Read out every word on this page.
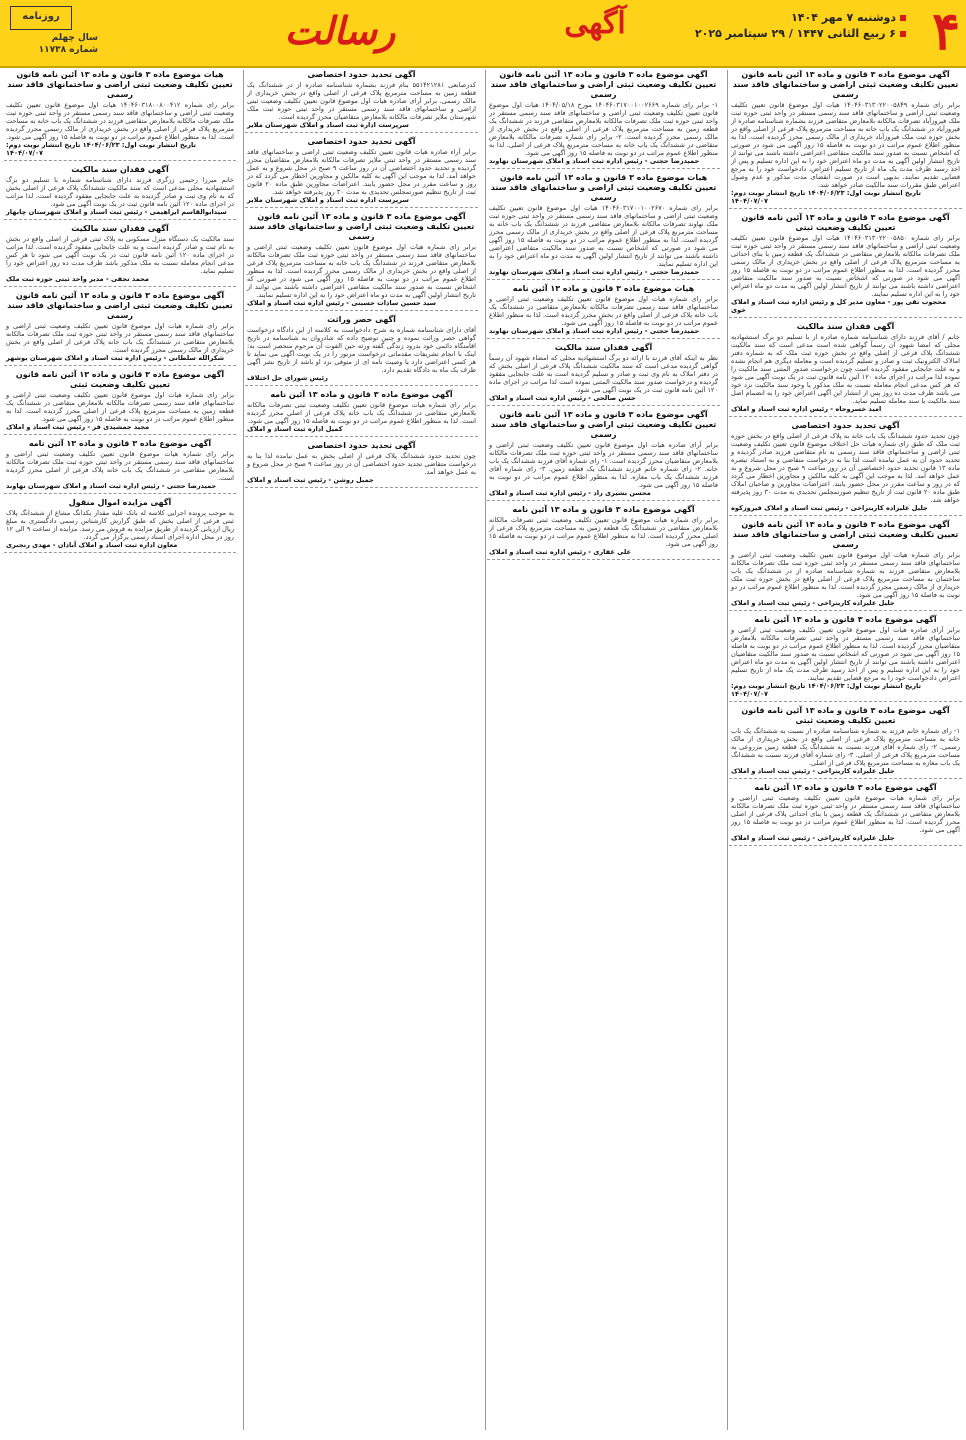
۴
دوشنبه ۷ مهر ۱۴۰۴
۶ ربیع الثانی ۱۴۴۷ / ۲۹ سپتامبر ۲۰۲۵
آگهی
رسالت
روزنامه
سال چهلم
شماره ۱۱۷۳۸
آگهی موضوع ماده ۳ قانون و ماده ۱۳ آئین نامه قانون تعیین تکلیف وضعیت ثبتی اراضی و ساختمانهای فاقد سند رسمی
برابر رای شماره ۱۴۰۴۶۰۳۱۳۰۲۲۰۰۵۸۴۹ هیات اول موضوع قانون تعیین تکلیف وضعیت ثبتی اراضی و ساختمانهای فاقد سند رسمی مستقر در واحد ثبتی حوزه ثبت ملک فیروزآباد تصرفات مالکانه بلامعارض متقاضی فرزند بشماره شناسنامه صادره از فیروزآباد در ششدانگ یک باب خانه به مساحت مترمربع پلاک فرعی از اصلی واقع در بخش حوزه ثبت ملک فیروزآباد خریداری از مالک رسمی محرز گردیده است. لذا به منظور اطلاع عموم مراتب در دو نوبت به فاصله ۱۵ روز آگهی می شود در صورتی که اشخاص نسبت به صدور سند مالکیت متقاضی اعتراضی داشته باشند می توانند از تاریخ انتشار اولین آگهی به مدت دو ماه اعتراض خود را به این اداره تسلیم و پس از اخذ رسید ظرف مدت یک ماه از تاریخ تسلیم اعتراض، دادخواست خود را به مرجع قضایی تقدیم نمایند. بدیهی است در صورت انقضای مدت مذکور و عدم وصول اعتراض طبق مقررات سند مالکیت صادر خواهد شد.
تاریخ انتشار نوبت اول: ۱۴۰۴/۰۶/۲۳ تاریخ انتشار نوبت دوم: ۱۴۰۴/۰۷/۰۷
آگهی موضوع ماده ۳ قانون و ماده ۱۳ آئین نامه قانون تعیین تکلیف وضعیت ثبتی
برابر رای شماره ۱۴۰۴۶۰۳۱۳۰۲۲۰۰۵۸۵۰ هیات اول موضوع قانون تعیین تکلیف وضعیت ثبتی اراضی و ساختمانهای فاقد سند رسمی مستقر در واحد ثبتی حوزه ثبت ملک تصرفات مالکانه بلامعارض متقاضی در ششدانگ یک قطعه زمین با بنای احداثی به مساحت مترمربع پلاک فرعی از اصلی واقع در بخش خریداری از مالک رسمی محرز گردیده است. لذا به منظور اطلاع عموم مراتب در دو نوبت به فاصله ۱۵ روز آگهی می شود در صورتی که اشخاص نسبت به صدور سند مالکیت متقاضی اعتراضی داشته باشند می توانند از تاریخ انتشار اولین آگهی به مدت دو ماه اعتراض خود را به این اداره تسلیم نمایند.
محجوب نقی پور - معاون مدیر کل و رئیس اداره ثبت اسناد و املاک خوی
آگهی فقدان سند مالکیت
خانم / آقای فرزند دارای شناسنامه شماره صادره از با تسلیم دو برگ استشهادیه محلی که امضا شهود آن رسماً گواهی شده است مدعی است که سند مالکیت ششدانگ پلاک فرعی از اصلی واقع در بخش حوزه ثبت ملک که به شماره دفتر امالاک الکترونیک ثبت و صادر و تسلیم گردیده است و معامله دیگری هم انجام نشده و به علت جابجایی مفقود گردیده است چون درخواست صدور المثنی سند مالکیت را نموده لذا مراتب در اجرای ماده ۱۲۰ آئین نامه قانون ثبت در یک نوبت آگهی می شود که هر کس مدعی انجام معامله نسبت به ملک مذکور یا وجود سند مالکیت نزد خود می باشد ظرف مدت ده روز پس از انتشار این آگهی اعتراض خود را به انضمام اصل سند مالکیت یا سند معامله تسلیم نماید.
امید خسروجاه - رئیس اداره ثبت اسناد و املاک
آگهی تحدید حدود اختصاصی
چون تحدید حدود ششدانگ یک باب خانه به پلاک فرعی از اصلی واقع در بخش حوزه ثبت ملک که طبق رای شماره هیات حل اختلاف موضوع قانون تعیین تکلیف وضعیت ثبتی اراضی و ساختمانهای فاقد سند رسمی به نام متقاضی فرزند صادر گردیده و تحدید حدود آن به عمل نیامده است لذا بنا به درخواست متقاضی و به استناد تبصره ماده ۱۳ قانون تحدید حدود اختصاصی آن در روز ساعت ۹ صبح در محل شروع و به عمل خواهد آمد. لذا به موجب این آگهی به کلیه مالکین و مجاورین اخطار می گردد که در روز و ساعت مقرر در محل حضور یابند. اعتراضات مجاورین و صاحبان املاک طبق ماده ۲۰ قانون ثبت از تاریخ تنظیم صورتمجلس تحدیدی به مدت ۳۰ روز پذیرفته خواهد شد.
جلیل علیزاده کاریتراخی - رئیس ثبت اسناد و املاک فیروزکوه
آگهی موضوع ماده ۳ قانون و ماده ۱۳ آئین نامه قانون تعیین تکلیف وضعیت ثبتی اراضی و ساختمانهای فاقد سند رسمی
برابر رای شماره هیات اول موضوع قانون تعیین تکلیف وضعیت ثبتی اراضی و ساختمانهای فاقد سند رسمی مستقر در واحد ثبتی حوزه ثبت ملک تصرفات مالکانه بلامعارض متقاضی فرزند به شماره شناسنامه صادره از در ششدانگ یک باب ساختمان به مساحت مترمربع پلاک فرعی از اصلی واقع در بخش حوزه ثبت ملک خریداری از مالک رسمی محرز گردیده است. لذا به منظور اطلاع عموم مراتب در دو نوبت به فاصله ۱۵ روز آگهی می شود.
جلیل علیزاده کاریتراخی - رئیس ثبت اسناد و املاک
آگهی موضوع ماده ۳ قانون و ماده ۱۳ آئین نامه
برابر آرای صادره هیات اول موضوع قانون تعیین تکلیف وضعیت ثبتی اراضی و ساختمانهای فاقد سند رسمی مستقر در واحد ثبتی تصرفات مالکانه بلامعارض متقاضیان محرز گردیده است. لذا به منظور اطلاع عموم مراتب در دو نوبت به فاصله ۱۵ روز آگهی می شود در صورتی که اشخاص نسبت به صدور سند مالکیت متقاضیان اعتراضی داشته باشند می توانند از تاریخ انتشار اولین آگهی به مدت دو ماه اعتراض خود را به این اداره تسلیم و پس از اخذ رسید ظرف مدت یک ماه از تاریخ تسلیم اعتراض دادخواست خود را به مرجع قضایی تقدیم نمایند.
تاریخ انتشار نوبت اول: ۱۴۰۴/۰۶/۲۳ تاریخ انتشار نوبت دوم: ۱۴۰۴/۰۷/۰۷
آگهی موضوع ماده ۳ قانون و ماده ۱۳ آئین نامه قانون تعیین تکلیف وضعیت ثبتی
۱- رای شماره خانم فرزند به شماره شناسنامه صادره از نسبت به ششدانگ یک باب خانه به مساحت مترمربع پلاک فرعی از اصلی واقع در بخش خریداری از مالک رسمی. ۲- رای شماره آقای فرزند نسبت به ششدانگ یک قطعه زمین مزروعی به مساحت مترمربع پلاک فرعی از اصلی. ۳- رای شماره آقای فرزند نسبت به ششدانگ یک باب مغازه به مساحت مترمربع پلاک فرعی از اصلی.
جلیل علیزاده کاریتراخی - رئیس ثبت اسناد و املاک
آگهی موضوع ماده ۳ قانون و ماده ۱۳ آئین نامه
برابر رای شماره هیات موضوع قانون تعیین تکلیف وضعیت ثبتی اراضی و ساختمانهای فاقد سند رسمی مستقر در واحد ثبتی حوزه ثبت ملک تصرفات مالکانه بلامعارض متقاضی در ششدانگ یک قطعه زمین با بنای احداثی پلاک فرعی از اصلی محرز گردیده است. لذا به منظور اطلاع عموم مراتب در دو نوبت به فاصله ۱۵ روز آگهی می شود.
جلیل علیزاده کاریتراخی - رئیس ثبت اسناد و املاک
آگهی موضوع ماده ۳ قانون و ماده ۱۳ آئین نامه قانون تعیین تکلیف وضعیت ثبتی اراضی و ساختمانهای فاقد سند رسمی
۱- برابر رای شماره ۱۴۰۴۶۰۳۱۷۰۰۱۰۰۲۶۶۹ مورخ ۱۴۰۴/۰۵/۱۸ هیات اول موضوع قانون تعیین تکلیف وضعیت ثبتی اراضی و ساختمانهای فاقد سند رسمی مستقر در واحد ثبتی حوزه ثبت ملک تصرفات مالکانه بلامعارض متقاضی فرزند در ششدانگ یک قطعه زمین به مساحت مترمربع پلاک فرعی از اصلی واقع در بخش خریداری از مالک رسمی محرز گردیده است. ۲- برابر رای شماره تصرفات مالکانه بلامعارض متقاضی در ششدانگ یک باب خانه به مساحت مترمربع پلاک فرعی از اصلی. لذا به منظور اطلاع عموم مراتب در دو نوبت به فاصله ۱۵ روز آگهی می شود.
حمیدرضا حجتی - رئیس اداره ثبت اسناد و املاک شهرستان نهاوند
هیات موضوع ماده ۳ قانون و ماده ۱۳ آئین نامه قانون تعیین تکلیف وضعیت ثبتی اراضی و ساختمانهای فاقد سند رسمی
برابر رای شماره ۱۴۰۴۶۰۳۱۷۰۰۱۰۰۲۶۷۰ هیات اول موضوع قانون تعیین تکلیف وضعیت ثبتی اراضی و ساختمانهای فاقد سند رسمی مستقر در واحد ثبتی حوزه ثبت ملک نهاوند تصرفات مالکانه بلامعارض متقاضی فرزند در ششدانگ یک باب خانه به مساحت مترمربع پلاک فرعی از اصلی واقع در بخش خریداری از مالک رسمی محرز گردیده است. لذا به منظور اطلاع عموم مراتب در دو نوبت به فاصله ۱۵ روز آگهی می شود در صورتی که اشخاص نسبت به صدور سند مالکیت متقاضی اعتراضی داشته باشند می توانند از تاریخ انتشار اولین آگهی به مدت دو ماه اعتراض خود را به این اداره تسلیم نمایند.
حمیدرضا حجتی - رئیس اداره ثبت اسناد و املاک شهرستان نهاوند
هیات موضوع ماده ۳ قانون و ماده ۱۳ آئین نامه
برابر رای شماره هیات اول موضوع قانون تعیین تکلیف وضعیت ثبتی اراضی و ساختمانهای فاقد سند رسمی تصرفات مالکانه بلامعارض متقاضی در ششدانگ یک باب خانه پلاک فرعی از اصلی واقع در بخش محرز گردیده است. لذا به منظور اطلاع عموم مراتب در دو نوبت به فاصله ۱۵ روز آگهی می شود.
حمیدرضا حجتی - رئیس اداره ثبت اسناد و املاک شهرستان نهاوند
آگهی فقدان سند مالکیت
نظر به اینکه آقای فرزند با ارائه دو برگ استشهادیه محلی که امضاء شهود آن رسماً گواهی گردیده مدعی است که سند مالکیت ششدانگ پلاک فرعی از اصلی بخش که در دفتر املاک به نام وی ثبت و صادر و تسلیم گردیده است به علت جابجایی مفقود گردیده و درخواست صدور سند مالکیت المثنی نموده است لذا مراتب در اجرای ماده ۱۲۰ آئین نامه قانون ثبت در یک نوبت آگهی می شود.
حسن صالحی - رئیس اداره ثبت اسناد و املاک
آگهی موضوع ماده ۳ قانون و ماده ۱۳ آئین نامه قانون تعیین تکلیف وضعیت ثبتی اراضی و ساختمانهای فاقد سند رسمی
برابر آرای صادره هیات اول موضوع قانون تعیین تکلیف وضعیت ثبتی اراضی و ساختمانهای فاقد سند رسمی مستقر در واحد ثبتی حوزه ثبت ملک تصرفات مالکانه بلامعارض متقاضیان محرز گردیده است. ۱- رای شماره آقای فرزند ششدانگ یک باب خانه. ۲- رای شماره خانم فرزند ششدانگ یک قطعه زمین. ۳- رای شماره آقای فرزند ششدانگ یک باب مغازه. لذا به منظور اطلاع عموم مراتب در دو نوبت به فاصله ۱۵ روز آگهی می شود.
محسن بشیری راد - رئیس اداره ثبت اسناد و املاک
آگهی موضوع ماده ۳ قانون و ماده ۱۳ آئین نامه
برابر رای شماره هیات موضوع قانون تعیین تکلیف وضعیت ثبتی تصرفات مالکانه بلامعارض متقاضی در ششدانگ یک قطعه زمین به مساحت مترمربع پلاک فرعی از اصلی محرز گردیده است. لذا به منظور اطلاع عموم مراتب در دو نوبت به فاصله ۱۵ روز آگهی می شود.
علی غفاری - رئیس اداره ثبت اسناد و املاک
آگهی تحدید حدود اختصاصی
کدرصانعی ۵۵۱۴۲۱۲۸۱ بنام فرزند بشماره شناسنامه صادره از در ششدانگ یک قطعه زمین به مساحت مترمربع پلاک فرعی از اصلی واقع در بخش خریداری از مالک رسمی. برابر آرای صادره هیات اول موضوع قانون تعیین تکلیف وضعیت ثبتی اراضی و ساختمانهای فاقد سند رسمی مستقر در واحد ثبتی حوزه ثبت ملک شهرستان ملایر تصرفات مالکانه بلامعارض متقاضیان محرز گردیده است.
سرپرست اداره ثبت اسناد و املاک شهرستان ملایر
آگهی تحدید حدود اختصاصی
برابر آراء صادره هیات قانون تعیین تکلیف وضعیت ثبتی اراضی و ساختمانهای فاقد سند رسمی مستقر در واحد ثبتی ملایر تصرفات مالکانه بلامعارض متقاضیان محرز گردیده و تحدید حدود اختصاصی آن در روز ساعت ۹ صبح در محل شروع و به عمل خواهد آمد. لذا به موجب این آگهی به کلیه مالکین و مجاورین اخطار می گردد که در روز و ساعت مقرر در محل حضور یابند. اعتراضات مجاورین طبق ماده ۲۰ قانون ثبت از تاریخ تنظیم صورتمجلس تحدیدی به مدت ۳۰ روز پذیرفته خواهد شد.
سرپرست اداره ثبت اسناد و املاک شهرستان ملایر
آگهی موضوع ماده ۳ قانون و ماده ۱۳ آئین نامه قانون تعیین تکلیف وضعیت ثبتی اراضی و ساختمانهای فاقد سند رسمی
برابر رای شماره هیات اول موضوع قانون تعیین تکلیف وضعیت ثبتی اراضی و ساختمانهای فاقد سند رسمی مستقر در واحد ثبتی حوزه ثبت ملک تصرفات مالکانه بلامعارض متقاضی فرزند در ششدانگ یک باب خانه به مساحت مترمربع پلاک فرعی از اصلی واقع در بخش خریداری از مالک رسمی محرز گردیده است. لذا به منظور اطلاع عموم مراتب در دو نوبت به فاصله ۱۵ روز آگهی می شود در صورتی که اشخاص نسبت به صدور سند مالکیت متقاضی اعتراضی داشته باشند می توانند از تاریخ انتشار اولین آگهی به مدت دو ماه اعتراض خود را به این اداره تسلیم نمایند.
سید حسین سادات حسینی - رئیس اداره ثبت اسناد و املاک
آگهی حصر وراثت
آقای دارای شناسنامه شماره به شرح دادخواست به کلاسه از این دادگاه درخواست گواهی حصر وراثت نموده و چنین توضیح داده که شادروان به شناسنامه در تاریخ اقامتگاه دائمی خود بدرود زندگی گفته ورثه حین الفوت آن مرحوم منحصر است به: اینک با انجام تشریفات مقدماتی درخواست مزبور را در یک نوبت آگهی می نماید تا هر کسی اعتراضی دارد یا وصیت نامه ای از متوفی نزد او باشد از تاریخ نشر آگهی ظرف یک ماه به دادگاه تقدیم دارد.
رئیس شورای حل اختلاف
آگهی موضوع ماده ۳ قانون و ماده ۱۳ آئین نامه
برابر رای شماره هیات موضوع قانون تعیین تکلیف وضعیت ثبتی تصرفات مالکانه بلامعارض متقاضی در ششدانگ یک باب خانه پلاک فرعی از اصلی محرز گردیده است. لذا به منظور اطلاع عموم مراتب در دو نوبت به فاصله ۱۵ روز آگهی می شود.
کمیل اداره ثبت اسناد و املاک
آگهی تحدید حدود اختصاصی
چون تحدید حدود ششدانگ پلاک فرعی از اصلی بخش به عمل نیامده لذا بنا به درخواست متقاضی تحدید حدود اختصاصی آن در روز ساعت ۹ صبح در محل شروع و به عمل خواهد آمد.
جمیل روشن - رئیس ثبت اسناد و املاک
هیات موضوع ماده ۳ قانون و ماده ۱۳ آئین نامه قانون تعیین تکلیف وضعیت ثبتی اراضی و ساختمانهای فاقد سند رسمی
برابر رای شماره ۱۴۰۴۶۰۳۱۸۰۰۸۰۰۴۱۲ هیات اول موضوع قانون تعیین تکلیف وضعیت ثبتی اراضی و ساختمانهای فاقد سند رسمی مستقر در واحد ثبتی حوزه ثبت ملک تصرفات مالکانه بلامعارض متقاضی فرزند در ششدانگ یک باب خانه به مساحت مترمربع پلاک فرعی از اصلی واقع در بخش خریداری از مالک رسمی محرز گردیده است. لذا به منظور اطلاع عموم مراتب در دو نوبت به فاصله ۱۵ روز آگهی می شود.
تاریخ انتشار نوبت اول: ۱۴۰۴/۰۶/۲۳ تاریخ انتشار نوبت دوم: ۱۴۰۴/۰۷/۰۷
آگهی فقدان سند مالکیت
خانم میرزا رحیمی زرگری فرزند دارای شناسنامه شماره با تسلیم دو برگ استشهادیه محلی مدعی است که سند مالکیت ششدانگ پلاک فرعی از اصلی بخش که به نام وی ثبت و صادر گردیده به علت جابجایی مفقود گردیده است. لذا مراتب در اجرای ماده ۱۲۰ آئین نامه قانون ثبت در یک نوبت آگهی می شود.
سیدابوالقاسم ابراهیمی - رئیس ثبت اسناد و املاک شهرستان چابهار
آگهی فقدان سند مالکیت
سند مالکیت یک دستگاه منزل مسکونی به پلاک ثبتی فرعی از اصلی واقع در بخش به نام ثبت و صادر گردیده است و به علت جابجایی مفقود گردیده است. لذا مراتب در اجرای ماده ۱۲۰ آئین نامه قانون ثبت در یک نوبت آگهی می شود تا هر کس مدعی انجام معامله نسبت به ملک مذکور باشد ظرف مدت ده روز اعتراض خود را تسلیم نماید.
محمد نجفی - مدیر واحد ثبتی حوزه ثبت ملک
آگهی موضوع ماده ۳ قانون و ماده ۱۳ آئین نامه قانون تعیین تکلیف وضعیت ثبتی اراضی و ساختمانهای فاقد سند رسمی
برابر رای شماره هیات اول موضوع قانون تعیین تکلیف وضعیت ثبتی اراضی و ساختمانهای فاقد سند رسمی مستقر در واحد ثبتی حوزه ثبت ملک تصرفات مالکانه بلامعارض متقاضی در ششدانگ یک باب خانه پلاک فرعی از اصلی واقع در بخش خریداری از مالک رسمی محرز گردیده است.
شکرالله سلطانی - رئیس اداره ثبت اسناد و املاک شهرستان بوشهر
آگهی موضوع ماده ۳ قانون و ماده ۱۳ آئین نامه قانون تعیین تکلیف وضعیت ثبتی
برابر رای شماره هیات اول موضوع قانون تعیین تکلیف وضعیت ثبتی اراضی و ساختمانهای فاقد سند رسمی تصرفات مالکانه بلامعارض متقاضی در ششدانگ یک قطعه زمین به مساحت مترمربع پلاک فرعی از اصلی محرز گردیده است. لذا به منظور اطلاع عموم مراتب در دو نوبت به فاصله ۱۵ روز آگهی می شود.
مجید جمشیدی فر - رئیس ثبت اسناد و املاک
آگهی موضوع ماده ۳ قانون و ماده ۱۳ آئین نامه
برابر رای شماره هیات موضوع قانون تعیین تکلیف وضعیت ثبتی اراضی و ساختمانهای فاقد سند رسمی مستقر در واحد ثبتی حوزه ثبت ملک تصرفات مالکانه بلامعارض متقاضی در ششدانگ یک باب خانه پلاک فرعی از اصلی محرز گردیده است.
حمیدرضا حجتی - رئیس اداره ثبت اسناد و املاک شهرستان نهاوند
آگهی مزایده اموال منقول
به موجب پرونده اجرایی کلاسه له بانک علیه مقدار یکدانگ مشاع از ششدانگ پلاک ثبتی فرعی از اصلی بخش که طبق گزارش کارشناس رسمی دادگستری به مبلغ ریال ارزیابی گردیده از طریق مزایده به فروش می رسد. مزایده از ساعت ۹ الی ۱۲ روز در محل اداره اجرای اسناد رسمی برگزار می گردد.
معاون اداره ثبت اسناد و املاک آبادان - مهدی رنجبری
